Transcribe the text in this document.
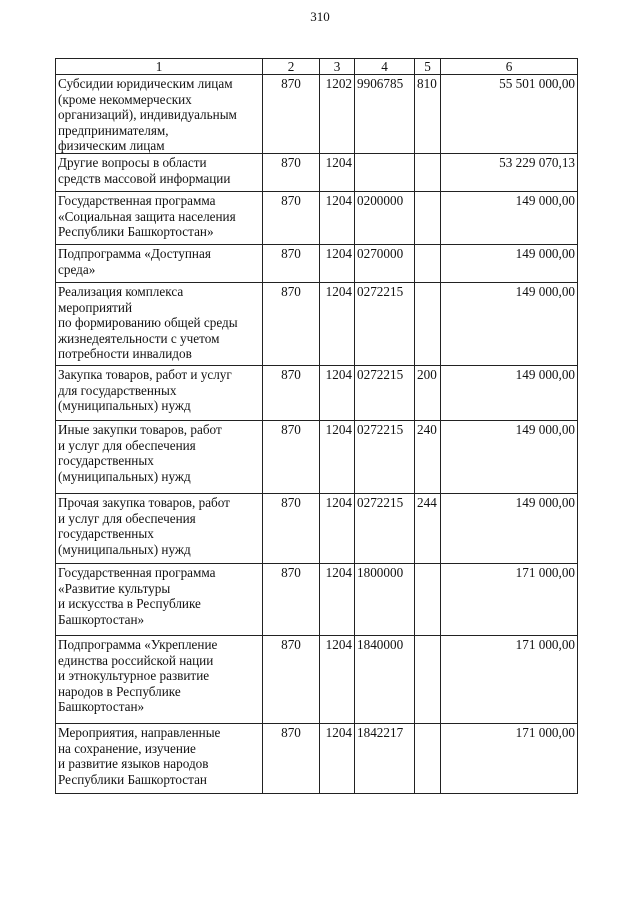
310
1	2	3	4	5	6
Субсидии юридическим лицам
(кроме некоммерческих
организаций), индивидуальным
предпринимателям,
физическим лицам	870	1202	9906785	810	55 501 000,00
Другие вопросы в области
средств массовой информации	870	1204			53 229 070,13
Государственная программа
«Социальная защита населения
Республики Башкортостан»	870	1204	0200000		149 000,00
Подпрограмма «Доступная
среда»	870	1204	0270000		149 000,00
Реализация комплекса
мероприятий
по формированию общей среды
жизнедеятельности с учетом
потребности инвалидов	870	1204	0272215		149 000,00
Закупка товаров, работ и услуг
для государственных
(муниципальных) нужд	870	1204	0272215	200	149 000,00
Иные закупки товаров, работ
и услуг для обеспечения
государственных
(муниципальных) нужд	870	1204	0272215	240	149 000,00
Прочая закупка товаров, работ
и услуг для обеспечения
государственных
(муниципальных) нужд	870	1204	0272215	244	149 000,00
Государственная программа
«Развитие культуры
и искусства в Республике
Башкортостан»	870	1204	1800000		171 000,00
Подпрограмма «Укрепление
единства российской нации
и этнокультурное развитие
народов в Республике
Башкортостан»	870	1204	1840000		171 000,00
Мероприятия, направленные
на сохранение, изучение
и развитие языков народов
Республики Башкортостан	870	1204	1842217		171 000,00
